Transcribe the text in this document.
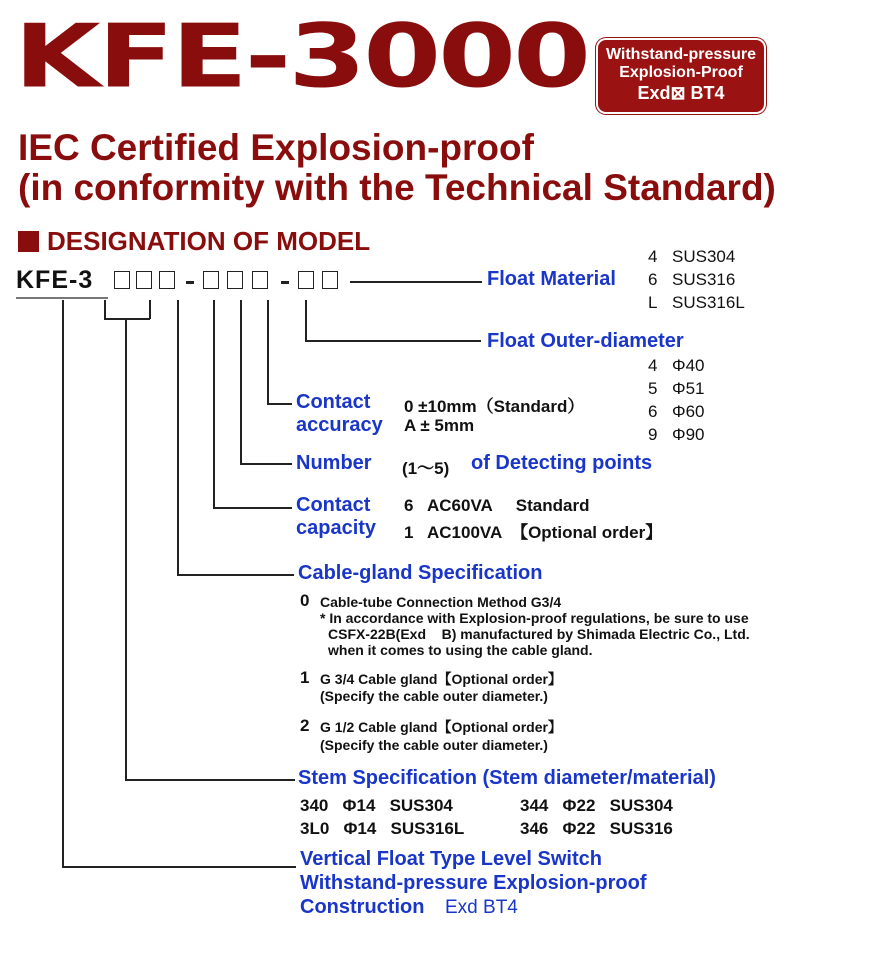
KFE-3000	Withstand-pressure
Explosion-Proof
Exd⊠ BT4
IEC Certified Explosion-proof
(in conformity with the Technical Standard)
DESIGNATION OF MODEL
KFE-3	Float Material
4 SUS304
6 SUS316
L SUS316L
Float Outer-diameter
4 Φ40
5 Φ51
6 Φ60
9 Φ90
Contact
accuracy
0 ±10mm（Standard）
A ± 5mm
Number (1〜5) of Detecting points
Contact
capacity
6   AC60VA     Standard
1   AC100VA  【Optional order】
Cable-gland Specification
0 Cable-tube Connection Method G3/4
* In accordance with Explosion-proof regulations, be sure to use
CSFX-22B(Exd    B) manufactured by Shimada Electric Co., Ltd.
when it comes to using the cable gland.
1 G 3/4 Cable gland【Optional order】
(Specify the cable outer diameter.)
2 G 1/2 Cable gland【Optional order】
(Specify the cable outer diameter.)
Stem Specification (Stem diameter/material)
340   Φ14   SUS304	344   Φ22   SUS304
3L0   Φ14   SUS316L	346   Φ22   SUS316
Vertical Float Type Level Switch
Withstand-pressure Explosion-proof
Construction Exd BT4
